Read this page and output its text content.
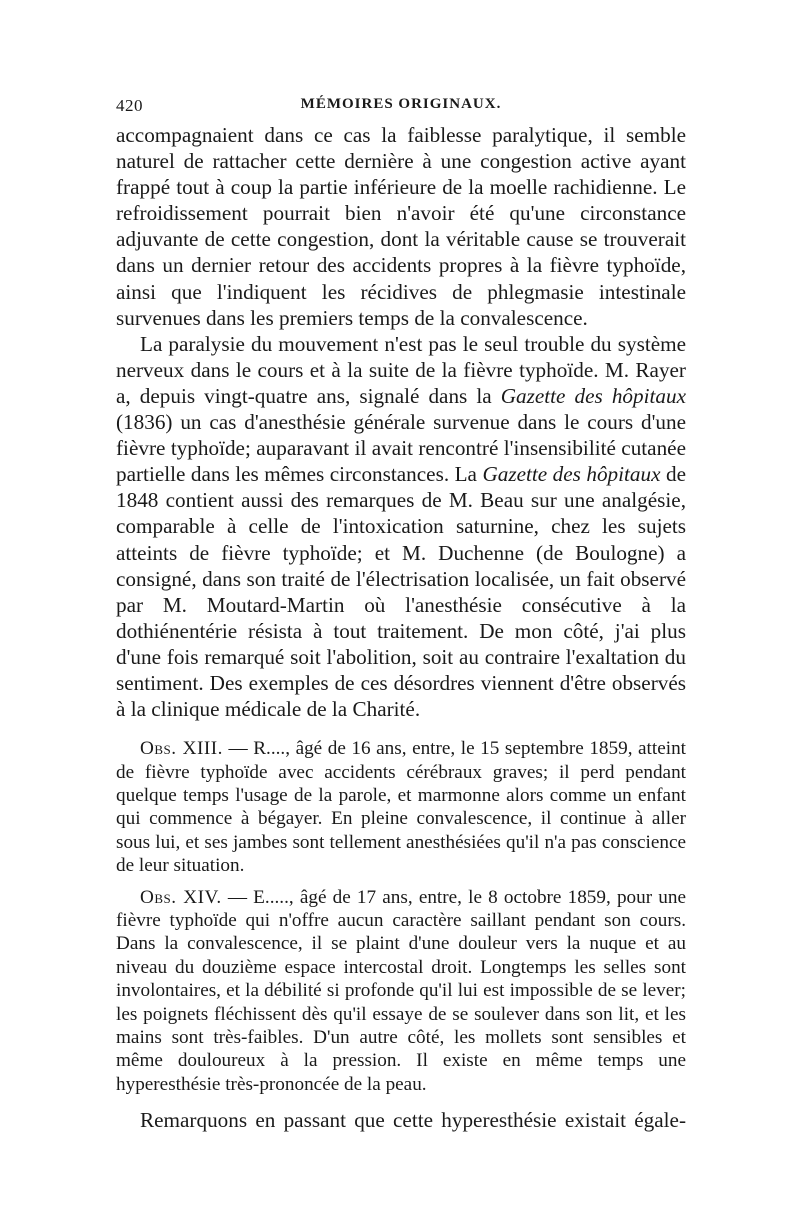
420	MÉMOIRES ORIGINAUX.

accompagnaient dans ce cas la faiblesse paralytique, il semble naturel de rattacher cette dernière à une congestion active ayant frappé tout à coup la partie inférieure de la moelle rachidienne. Le refroidissement pourrait bien n'avoir été qu'une circonstance adjuvante de cette congestion, dont la véritable cause se trouverait dans un dernier retour des accidents propres à la fièvre typhoïde, ainsi que l'indiquent les récidives de phlegmasie intestinale survenues dans les premiers temps de la convalescence.

La paralysie du mouvement n'est pas le seul trouble du système nerveux dans le cours et à la suite de la fièvre typhoïde. M. Rayer a, depuis vingt-quatre ans, signalé dans la Gazette des hôpitaux (1836) un cas d'anesthésie générale survenue dans le cours d'une fièvre typhoïde; auparavant il avait rencontré l'insensibilité cutanée partielle dans les mêmes circonstances. La Gazette des hôpitaux de 1848 contient aussi des remarques de M. Beau sur une analgésie, comparable à celle de l'intoxication saturnine, chez les sujets atteints de fièvre typhoïde; et M. Duchenne (de Boulogne) a consigné, dans son traité de l'électrisation localisée, un fait observé par M. Moutard-Martin où l'anesthésie consécutive à la dothiénentérie résista à tout traitement. De mon côté, j'ai plus d'une fois remarqué soit l'abolition, soit au contraire l'exaltation du sentiment. Des exemples de ces désordres viennent d'être observés à la clinique médicale de la Charité.

Obs. XIII. — R...., âgé de 16 ans, entre, le 15 septembre 1859, atteint de fièvre typhoïde avec accidents cérébraux graves; il perd pendant quelque temps l'usage de la parole, et marmonne alors comme un enfant qui commence à bégayer. En pleine convalescence, il continue à aller sous lui, et ses jambes sont tellement anesthésiées qu'il n'a pas conscience de leur situation.

Obs. XIV. — E....., âgé de 17 ans, entre, le 8 octobre 1859, pour une fièvre typhoïde qui n'offre aucun caractère saillant pendant son cours. Dans la convalescence, il se plaint d'une douleur vers la nuque et au niveau du douzième espace intercostal droit. Longtemps les selles sont involontaires, et la débilité si profonde qu'il lui est impossible de se lever; les poignets fléchissent dès qu'il essaye de se soulever dans son lit, et les mains sont très-faibles. D'un autre côté, les mollets sont sensibles et même douloureux à la pression. Il existe en même temps une hyperesthésie très-prononcée de la peau.

Remarquons en passant que cette hyperesthésie existait égale-
